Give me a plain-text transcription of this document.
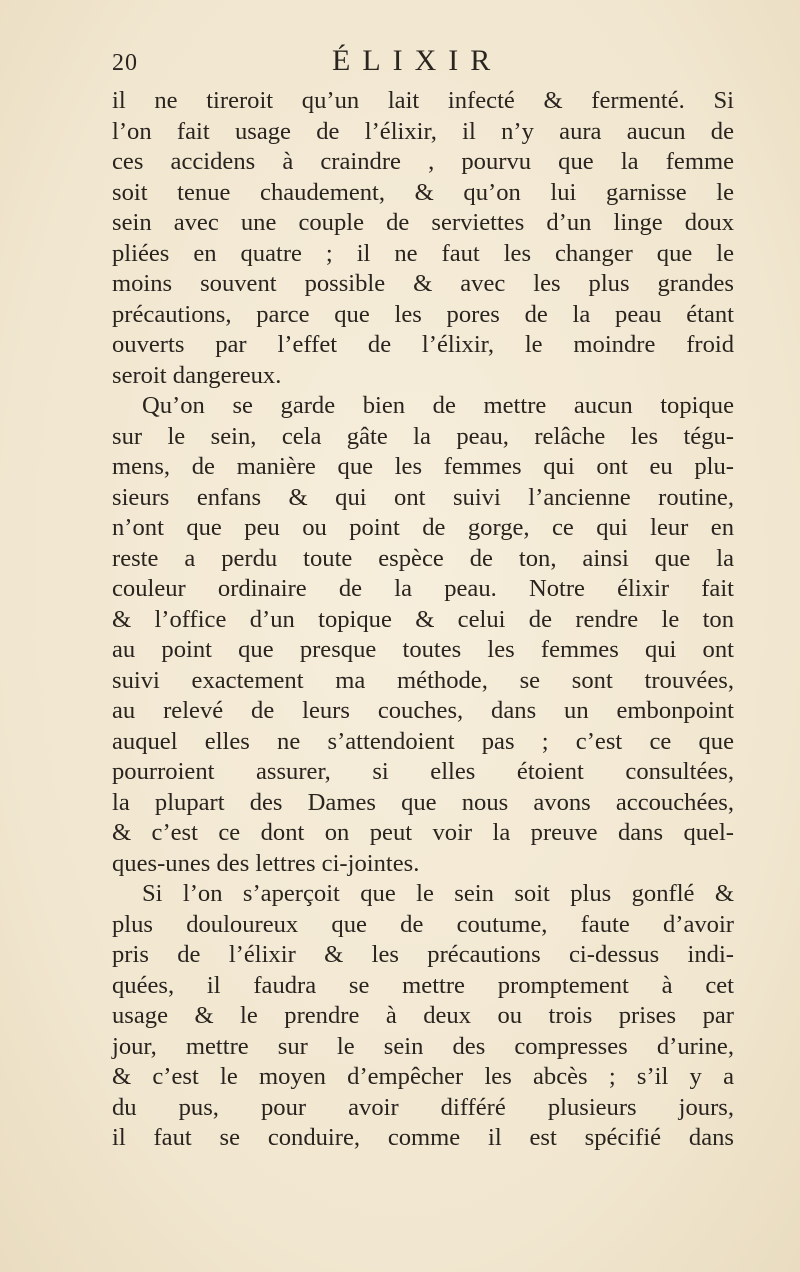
20	ÉLIXIR
il ne tireroit qu’un lait infecté & fermenté. Si
l’on fait usage de l’élixir, il n’y aura aucun de
ces accidens à craindre , pourvu que la femme
soit tenue chaudement, & qu’on lui garnisse le
sein avec une couple de serviettes d’un linge doux
pliées en quatre ; il ne faut les changer que le
moins souvent possible & avec les plus grandes
précautions, parce que les pores de la peau étant
ouverts par l’effet de l’élixir, le moindre froid
seroit dangereux.
Qu’on se garde bien de mettre aucun topique
sur le sein, cela gâte la peau, relâche les tégu-
mens, de manière que les femmes qui ont eu plu-
sieurs enfans & qui ont suivi l’ancienne routine,
n’ont que peu ou point de gorge, ce qui leur en
reste a perdu toute espèce de ton, ainsi que la
couleur ordinaire de la peau. Notre élixir fait
& l’office d’un topique & celui de rendre le ton
au point que presque toutes les femmes qui ont
suivi exactement ma méthode, se sont trouvées,
au relevé de leurs couches, dans un embonpoint
auquel elles ne s’attendoient pas ; c’est ce que
pourroient assurer, si elles étoient consultées,
la plupart des Dames que nous avons accouchées,
& c’est ce dont on peut voir la preuve dans quel-
ques-unes des lettres ci-jointes.
Si l’on s’aperçoit que le sein soit plus gonflé &
plus douloureux que de coutume, faute d’avoir
pris de l’élixir & les précautions ci-dessus indi-
quées, il faudra se mettre promptement à cet
usage & le prendre à deux ou trois prises par
jour, mettre sur le sein des compresses d’urine,
& c’est le moyen d’empêcher les abcès ; s’il y a
du pus, pour avoir différé plusieurs jours,
il faut se conduire, comme il est spécifié dans
